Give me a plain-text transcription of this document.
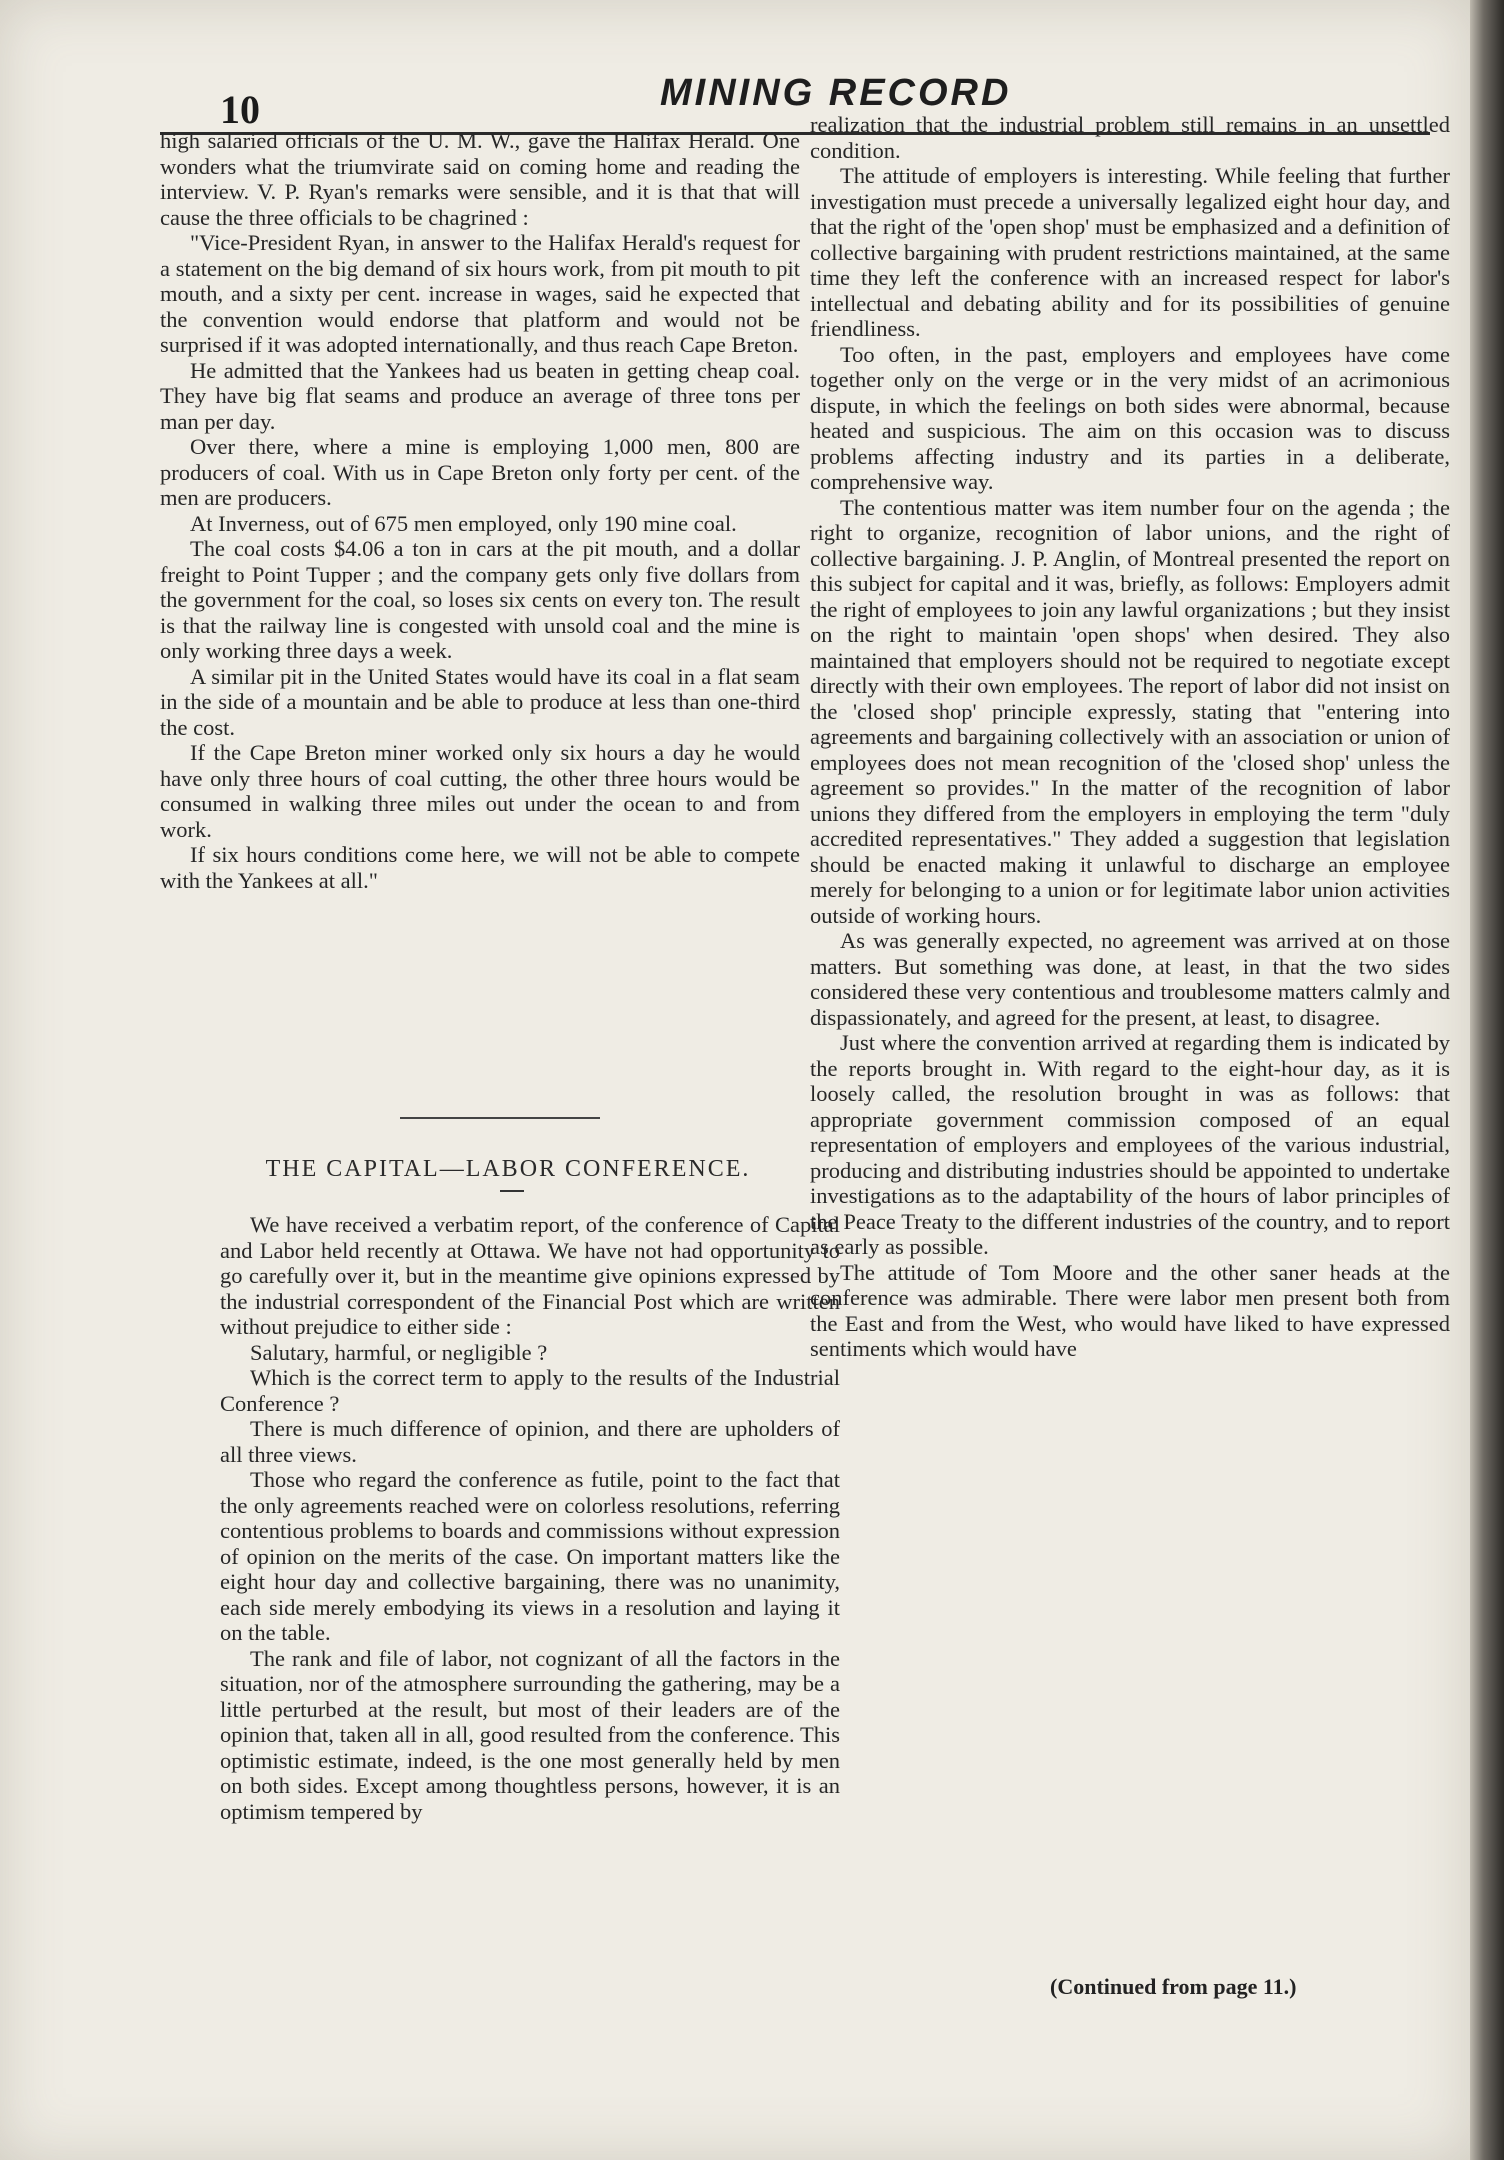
10	MINING RECORD

high salaried officials of the U. M. W., gave the Halifax Herald. One wonders what the triumvirate said on coming home and reading the interview. V. P. Ryan's remarks were sensible, and it is that that will cause the three officials to be chagrined :

"Vice-President Ryan, in answer to the Halifax Herald's request for a statement on the big demand of six hours work, from pit mouth to pit mouth, and a sixty per cent. increase in wages, said he expected that the convention would endorse that platform and would not be surprised if it was adopted internationally, and thus reach Cape Breton.

He admitted that the Yankees had us beaten in getting cheap coal. They have big flat seams and produce an average of three tons per man per day.

Over there, where a mine is employing 1,000 men, 800 are producers of coal. With us in Cape Breton only forty per cent. of the men are producers.

At Inverness, out of 675 men employed, only 190 mine coal.

The coal costs $4.06 a ton in cars at the pit mouth, and a dollar freight to Point Tupper ; and the company gets only five dollars from the government for the coal, so loses six cents on every ton. The result is that the railway line is congested with unsold coal and the mine is only working three days a week.

A similar pit in the United States would have its coal in a flat seam in the side of a mountain and be able to produce at less than one-third the cost.

If the Cape Breton miner worked only six hours a day he would have only three hours of coal cutting, the other three hours would be consumed in walking three miles out under the ocean to and from work.

If six hours conditions come here, we will not be able to compete with the Yankees at all."

THE CAPITAL—LABOR CONFERENCE.

We have received a verbatim report, of the conference of Capital and Labor held recently at Ottawa. We have not had opportunity to go carefully over it, but in the meantime give opinions expressed by the industrial correspondent of the Financial Post which are written without prejudice to either side :

Salutary, harmful, or negligible ?

Which is the correct term to apply to the results of the Industrial Conference ?

There is much difference of opinion, and there are upholders of all three views.

Those who regard the conference as futile, point to the fact that the only agreements reached were on colorless resolutions, referring contentious problems to boards and commissions without expression of opinion on the merits of the case. On important matters like the eight hour day and collective bargaining, there was no unanimity, each side merely embodying its views in a resolution and laying it on the table.

The rank and file of labor, not cognizant of all the factors in the situation, nor of the atmosphere surrounding the gathering, may be a little perturbed at the result, but most of their leaders are of the opinion that, taken all in all, good resulted from the conference. This optimistic estimate, indeed, is the one most generally held by men on both sides. Except among thoughtless persons, however, it is an optimism tempered by

realization that the industrial problem still remains in an unsettled condition.

The attitude of employers is interesting. While feeling that further investigation must precede a universally legalized eight hour day, and that the right of the 'open shop' must be emphasized and a definition of collective bargaining with prudent restrictions maintained, at the same time they left the conference with an increased respect for labor's intellectual and debating ability and for its possibilities of genuine friendliness.

Too often, in the past, employers and employees have come together only on the verge or in the very midst of an acrimonious dispute, in which the feelings on both sides were abnormal, because heated and suspicious. The aim on this occasion was to discuss problems affecting industry and its parties in a deliberate, comprehensive way.

The contentious matter was item number four on the agenda ; the right to organize, recognition of labor unions, and the right of collective bargaining. J. P. Anglin, of Montreal presented the report on this subject for capital and it was, briefly, as follows: Employers admit the right of employees to join any lawful organizations ; but they insist on the right to maintain 'open shops' when desired. They also maintained that employers should not be required to negotiate except directly with their own employees. The report of labor did not insist on the 'closed shop' principle expressly, stating that "entering into agreements and bargaining collectively with an association or union of employees does not mean recognition of the 'closed shop' unless the agreement so provides." In the matter of the recognition of labor unions they differed from the employers in employing the term "duly accredited representatives." They added a suggestion that legislation should be enacted making it unlawful to discharge an employee merely for belonging to a union or for legitimate labor union activities outside of working hours.

As was generally expected, no agreement was arrived at on those matters. But something was done, at least, in that the two sides considered these very contentious and troublesome matters calmly and dispassionately, and agreed for the present, at least, to disagree.

Just where the convention arrived at regarding them is indicated by the reports brought in. With regard to the eight-hour day, as it is loosely called, the resolution brought in was as follows: that appropriate government commission composed of an equal representation of employers and employees of the various industrial, producing and distributing industries should be appointed to undertake investigations as to the adaptability of the hours of labor principles of the Peace Treaty to the different industries of the country, and to report as early as possible.

The attitude of Tom Moore and the other saner heads at the conference was admirable. There were labor men present both from the East and from the West, who would have liked to have expressed sentiments which would have

(Continued from page 11.)
